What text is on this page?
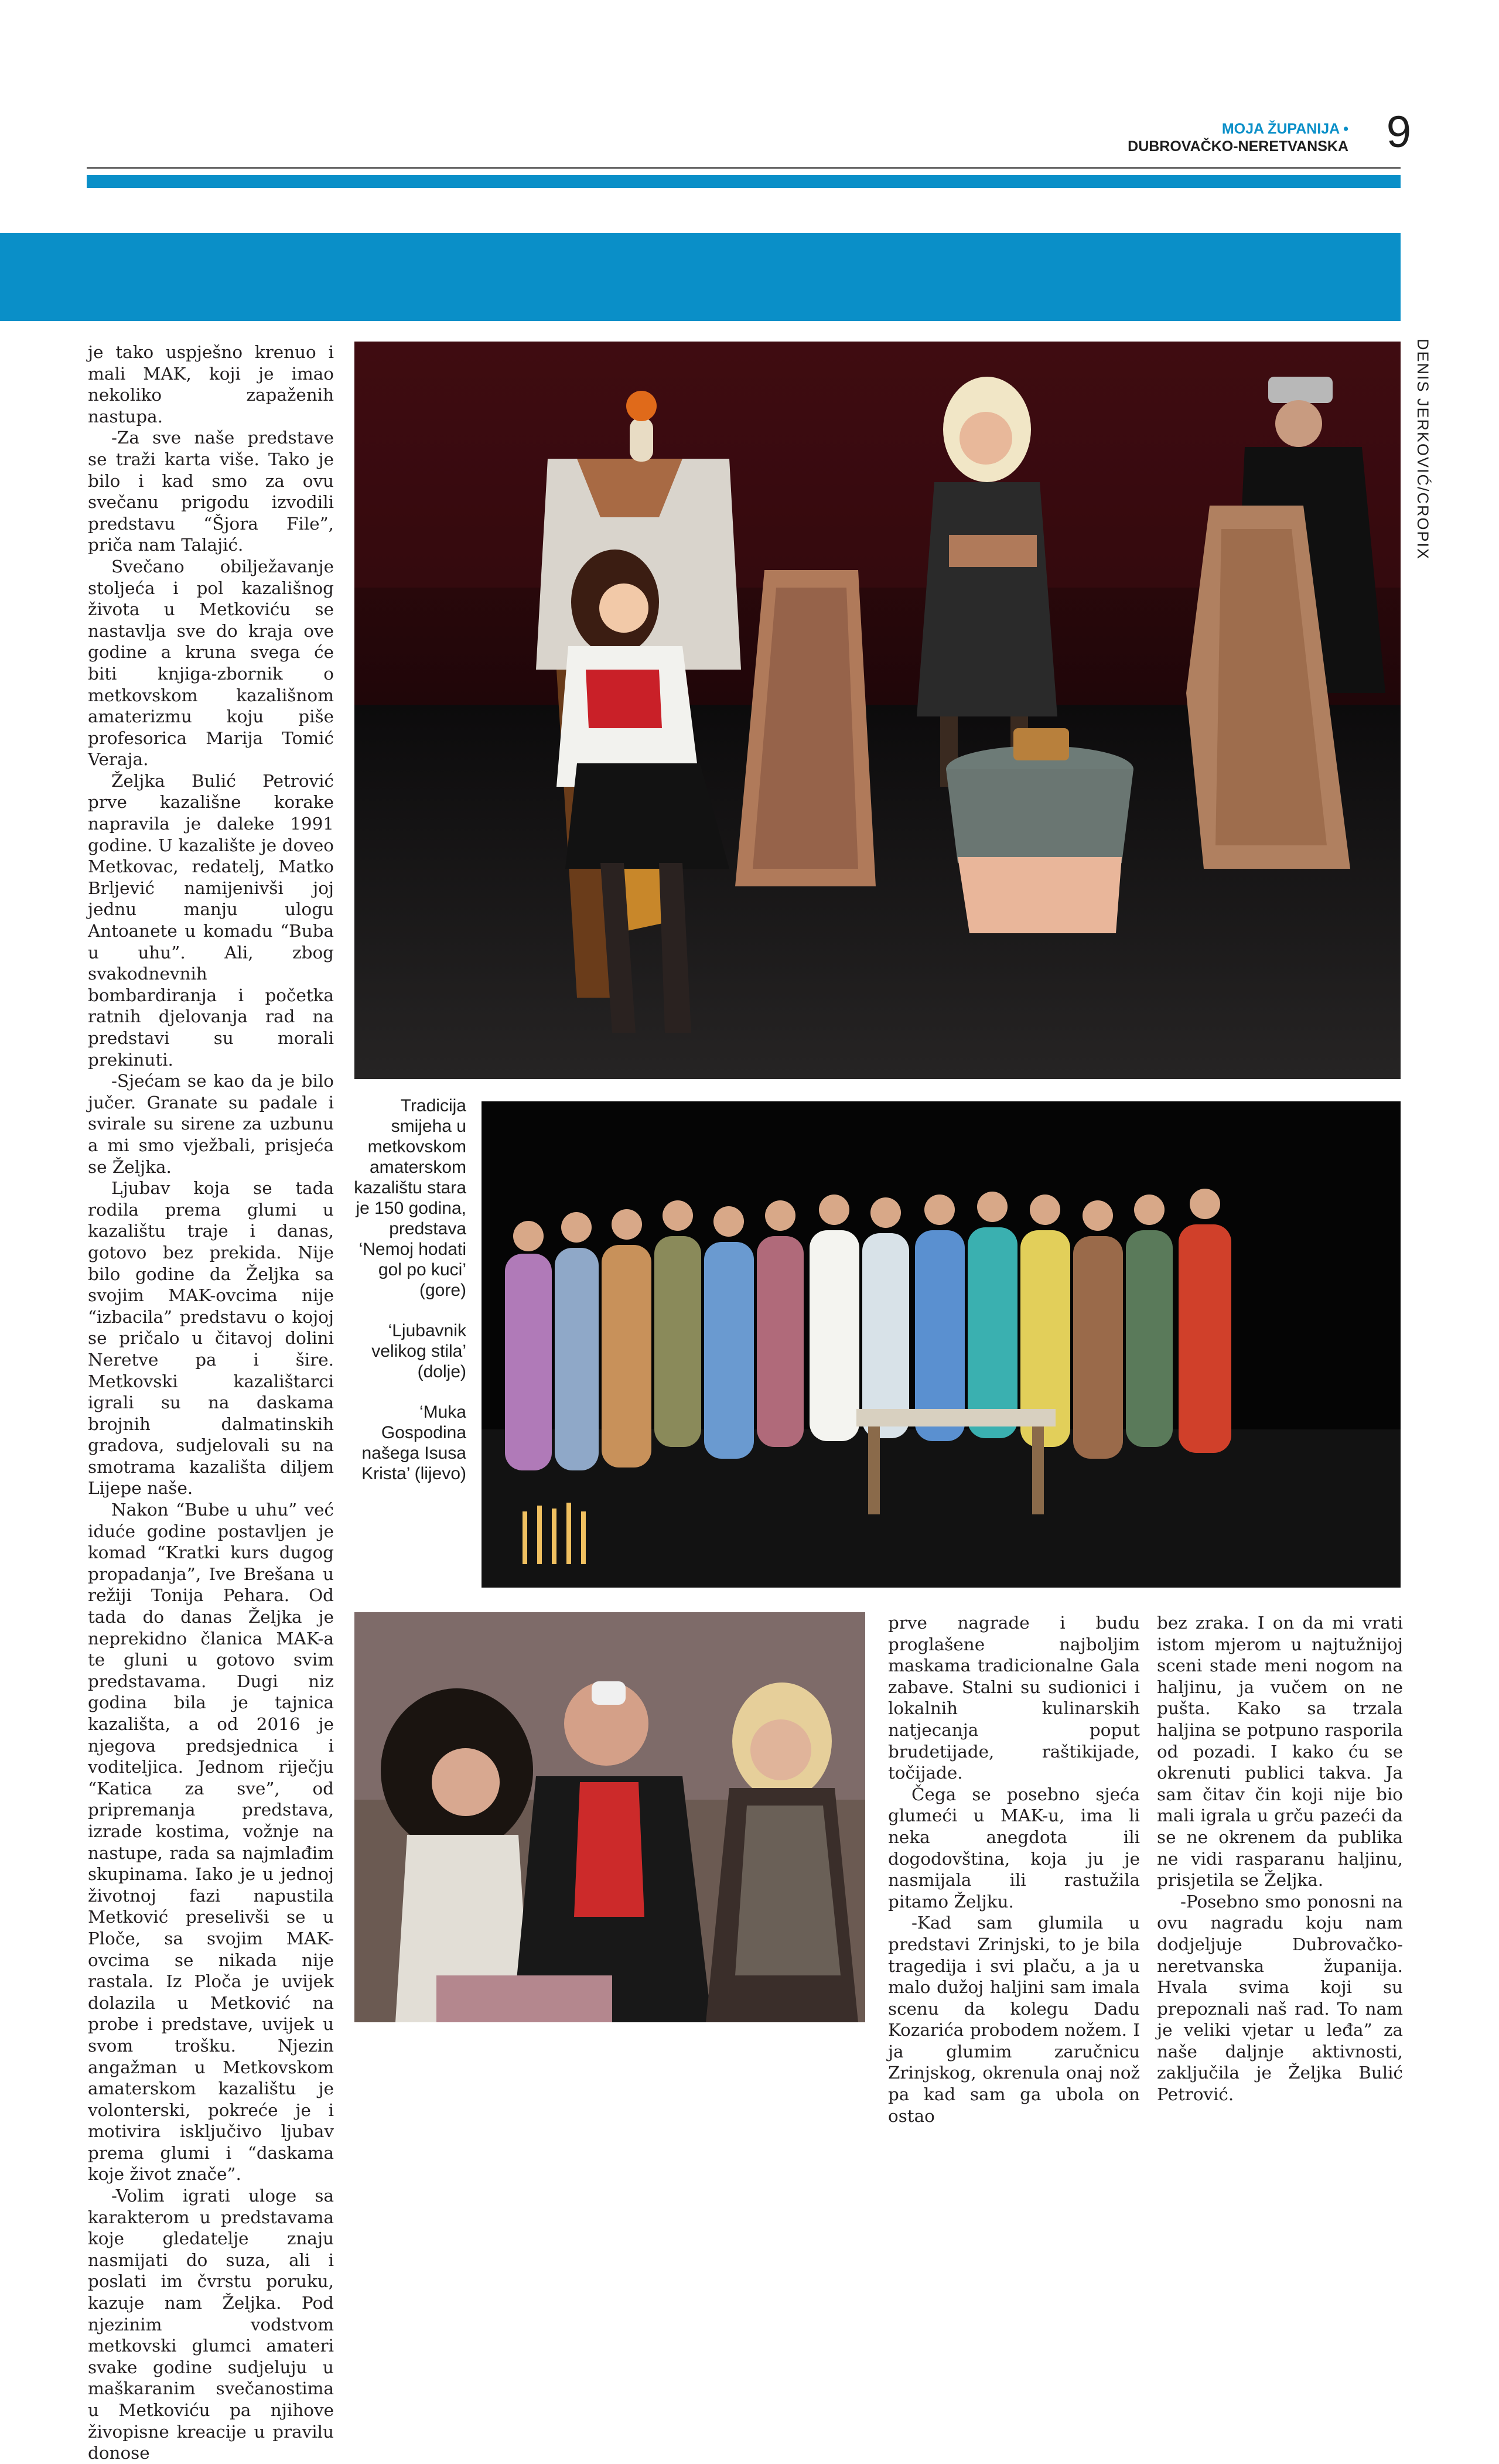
MOJA ŽUPANIJA •
DUBROVAČKO-NERETVANSKA 9

je tako uspješno krenuo i mali MAK, koji je imao nekoliko zapaženih nastupa.

-Za sve naše predstave se traži karta više. Tako je bilo i kad smo za ovu svečanu prigodu izvodili predstavu “Šjora File”, priča nam Talajić.

Svečano obilježavanje stoljeća i pol kazališnog života u Metkoviću se nastavlja sve do kraja ove godine a kruna svega će biti knjiga-zbornik o metkovskom kazališnom amaterizmu koju piše profesorica Marija Tomić Veraja.

Željka Bulić Petrović prve kazališne korake napravila je daleke 1991 godine. U kazalište je doveo Metkovac, redatelj, Matko Brljević namijenivši joj jednu manju ulogu Antoanete u komadu “Buba u uhu”. Ali, zbog svakodnevnih bombardiranja i početka ratnih djelovanja rad na predstavi su morali prekinuti.

-Sjećam se kao da je bilo jučer. Granate su padale i svirale su sirene za uzbunu a mi smo vježbali, prisjeća se Željka.

Ljubav koja se tada rodila prema glumi u kazalištu traje i danas, gotovo bez prekida. Nije bilo godine da Željka sa svojim MAK-ovcima nije “izbacila” predstavu o kojoj se pričalo u čitavoj dolini Neretve pa i šire. Metkovski kazalištarci igrali su na daskama brojnih dalmatinskih gradova, sudjelovali su na smotrama kazališta diljem Lijepe naše.

Nakon “Bube u uhu” već iduće godine postavljen je komad “Kratki kurs dugog propadanja”, Ive Brešana u režiji Tonija Pehara. Od tada do danas Željka je neprekidno članica MAK-a te gluni u gotovo svim predstavama. Dugi niz godina bila je tajnica kazališta, a od 2016 je njegova predsjednica i voditeljica. Jednom riječju “Katica za sve”, od pripremanja predstava, izrade kostima, vožnje na nastupe, rada sa najmlađim skupinama. Iako je u jednoj životnoj fazi napustila Metković preselivši se u Ploče, sa svojim MAK-ovcima se nikada nije rastala. Iz Ploča je uvijek dolazila u Metković na probe i predstave, uvijek u svom trošku. Njezin angažman u Metkovskom amaterskom kazalištu je volonterski, pokreće je i motivira isključivo ljubav prema glumi i “daskama koje život znače”.

-Volim igrati uloge sa karakterom u predstavama koje gledatelje znaju nasmijati do suza, ali i poslati im čvrstu poruku, kazuje nam Željka. Pod njezinim vodstvom metkovski glumci amateri svake godine sudjeluju u maškaranim svečanostima u Metkoviću pa njihove živopisne kreacije u pravilu donose

DENIS JERKOVIĆ/CROPIX

Tradicija smijeha u metkovskom amaterskom kazalištu stara je 150 godina, predstava ‘Nemoj hodati gol po kuci’ (gore)

‘Ljubavnik velikog stila’ (dolje)

‘Muka Gospodina našega Isusa Krista’ (lijevo)

prve nagrade i budu proglašene najboljim maskama tradicionalne Gala zabave. Stalni su sudionici i lokalnih kulinarskih natjecanja poput brudetijade, raštikijade, točijade.

Čega se posebno sjeća glumeći u MAK-u, ima li neka anegdota ili dogodovština, koja ju je nasmijala ili rastužila pitamo Željku.

-Kad sam glumila u predstavi Zrinjski, to je bila tragedija i svi plaču, a ja u malo dužoj haljini sam imala scenu da kolegu Dadu Kozarića probodem nožem. I ja glumim zaručnicu Zrinjskog, okrenula onaj nož pa kad sam ga ubola on ostao

bez zraka. I on da mi vrati istom mjerom u najtužnijoj sceni stade meni nogom na haljinu, ja vučem on ne pušta. Kako sa trzala haljina se potpuno rasporila od pozadi. I kako ću se okrenuti publici takva. Ja sam čitav čin koji nije bio mali igrala u grču pazeći da se ne okrenem da publika ne vidi rasparanu haljinu, prisjetila se Željka.

-Posebno smo ponosni na ovu nagradu koju nam dodjeljuje Dubrovačko-neretvanska županija. Hvala svima koji su prepoznali naš rad. To nam je veliki vjetar u leđa” za naše daljnje aktivnosti, zaključila je Željka Bulić Petrović.
